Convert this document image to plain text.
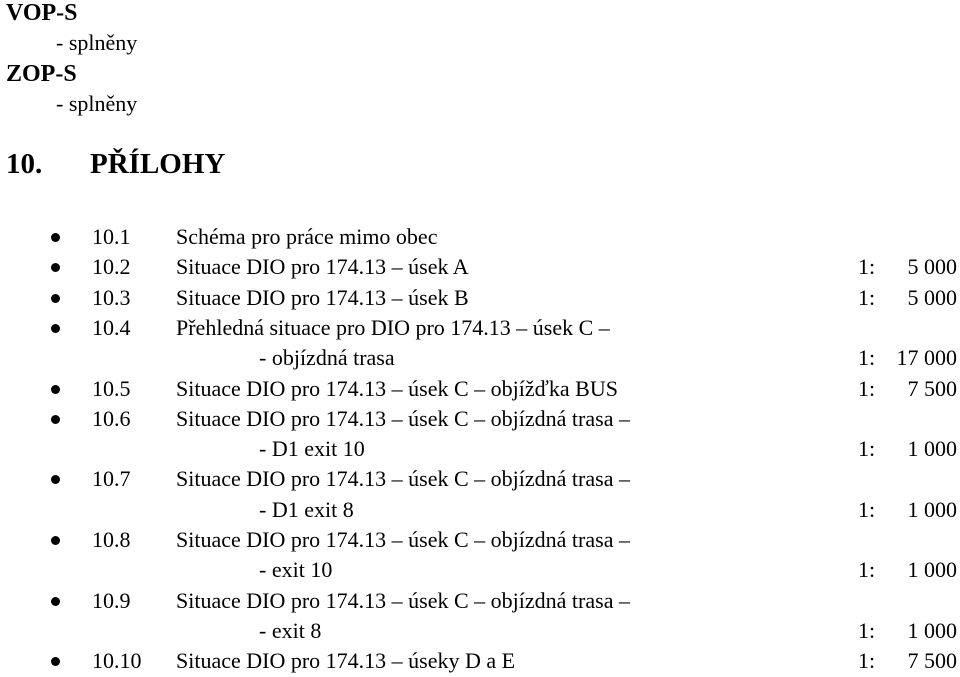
VOP-S
- splněny
ZOP-S
- splněny
10. PŘÍLOHY
10.1 Schéma pro práce mimo obec
10.2 Situace DIO pro 174.13 – úsek A	1: 5 000
10.3 Situace DIO pro 174.13 – úsek B	1: 5 000
10.4 Přehledná situace pro DIO pro 174.13 – úsek C –
- objízdná trasa	1: 17 000
10.5 Situace DIO pro 174.13 – úsek C – objížďka BUS	1: 7 500
10.6 Situace DIO pro 174.13 – úsek C – objízdná trasa –
- D1 exit 10	1: 1 000
10.7 Situace DIO pro 174.13 – úsek C – objízdná trasa –
- D1 exit 8	1: 1 000
10.8 Situace DIO pro 174.13 – úsek C – objízdná trasa –
- exit 10	1: 1 000
10.9 Situace DIO pro 174.13 – úsek C – objízdná trasa –
- exit 8	1: 1 000
10.10 Situace DIO pro 174.13 – úseky D a E	1: 7 500
